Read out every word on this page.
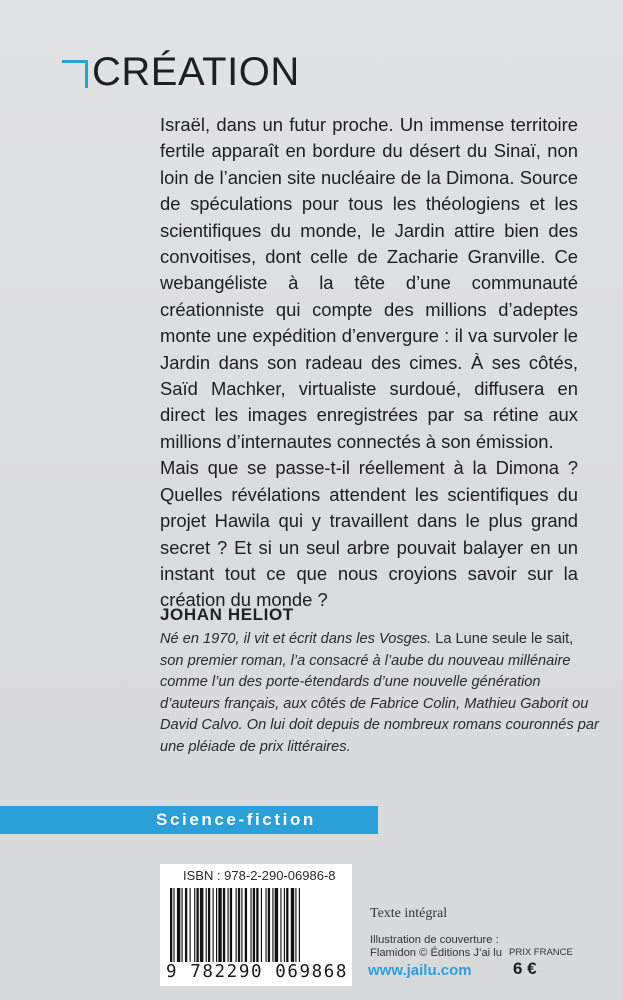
CRÉATION

Israël, dans un futur proche. Un immense territoire fertile apparaît en bordure du désert du Sinaï, non loin de l’ancien site nucléaire de la Dimona. Source de spéculations pour tous les théologiens et les scientifiques du monde, le Jardin attire bien des convoitises, dont celle de Zacharie Granville. Ce webangéliste à la tête d’une communauté créationniste qui compte des millions d’adeptes monte une expédition d’envergure : il va survoler le Jardin dans son radeau des cimes. À ses côtés, Saïd Machker, virtualiste surdoué, diffusera en direct les images enregistrées par sa rétine aux millions d’internautes connectés à son émission.

Mais que se passe-t-il réellement à la Dimona ? Quelles révélations attendent les scientifiques du projet Hawila qui y travaillent dans le plus grand secret ? Et si un seul arbre pouvait balayer en un instant tout ce que nous croyions savoir sur la création du monde ?

JOHAN HELIOT

Né en 1970, il vit et écrit dans les Vosges. La Lune seule le sait, son premier roman, l’a consacré à l’aube du nouveau millénaire comme l’un des porte-étendards d’une nouvelle génération d’auteurs français, aux côtés de Fabrice Colin, Mathieu Gaborit ou David Calvo. On lui doit depuis de nombreux romans couronnés par une pléiade de prix littéraires.

Science-fiction
ISBN : 978-2-290-06986-8
9 782290 069868
Texte intégral
Illustration de couverture :
Flamidon © Éditions J’ai lu
www.jailu.com
PRIX FRANCE
6 €
